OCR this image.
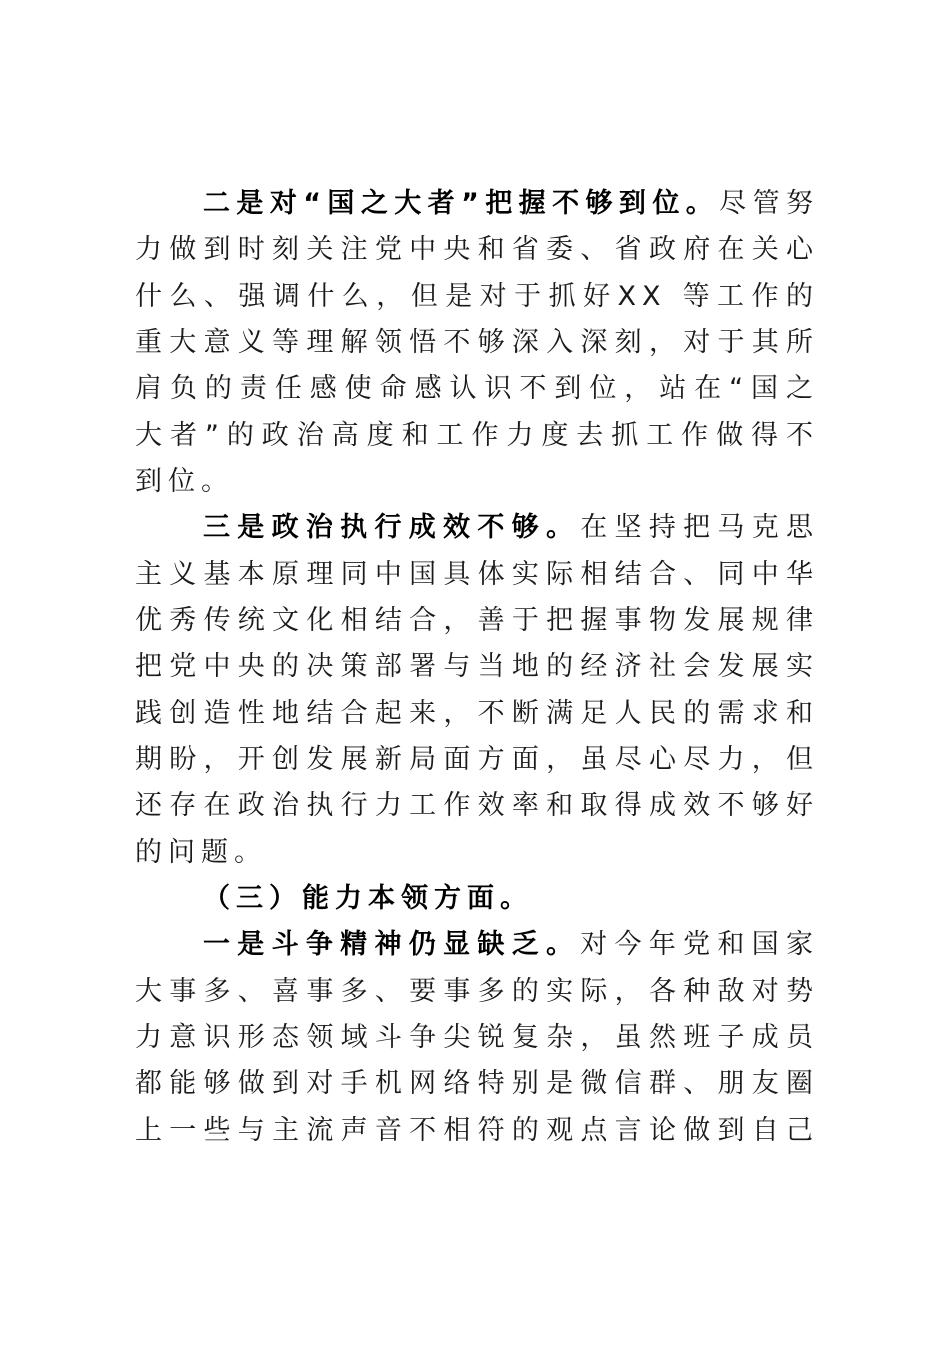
二是对“国之大者”把握不够到位。尽管努
力做到时刻关注党中央和省委、省政府在关心
什么、强调什么，但是对于抓好XX 等工作的
重大意义等理解领悟不够深入深刻，对于其所
肩负的责任感使命感认识不到位，站在“国之
大者”的政治高度和工作力度去抓工作做得不
到位。
三是政治执行成效不够。在坚持把马克思
主义基本原理同中国具体实际相结合、同中华
优秀传统文化相结合，善于把握事物发展规律
把党中央的决策部署与当地的经济社会发展实
践创造性地结合起来，不断满足人民的需求和
期盼，开创发展新局面方面，虽尽心尽力，但
还存在政治执行力工作效率和取得成效不够好
的问题。
（三）能力本领方面。
一是斗争精神仍显缺乏。对今年党和国家
大事多、喜事多、要事多的实际，各种敌对势
力意识形态领域斗争尖锐复杂，虽然班子成员
都能够做到对手机网络特别是微信群、朋友圈
上一些与主流声音不相符的观点言论做到自己
